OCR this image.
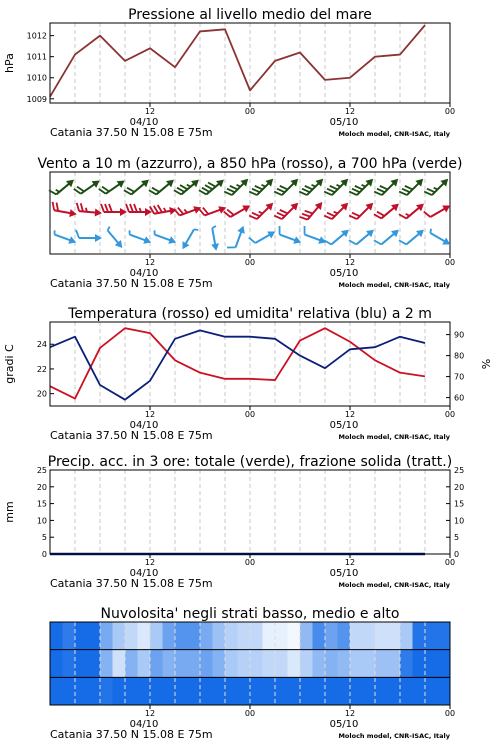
Pressione al livello medio del mare
1009
1010
1011
1012
hPa
12	00	12	00
04/10	05/10
Catania 37.50 N 15.08 E 75m	Moloch model, CNR-ISAC, Italy
Vento a 10 m (azzurro), a 850 hPa (rosso), a 700 hPa (verde)
12	00	12	00
04/10	05/10
Catania 37.50 N 15.08 E 75m	Moloch model, CNR-ISAC, Italy
Temperatura (rosso) ed umidita' relativa (blu) a 2 m
20
22
24
60
70
80
90
gradi C	%
12	00	12	00
04/10	05/10
Catania 37.50 N 15.08 E 75m	Moloch model, CNR-ISAC, Italy
Precip. acc. in 3 ore: totale (verde), frazione solida (tratt.)
0
5
10
15
20
25
0
5
10
15
20
25
mm
12	00	12	00
04/10	05/10
Catania 37.50 N 15.08 E 75m	Moloch model, CNR-ISAC, Italy
Nuvolosita' negli strati basso, medio e alto
12	00	12	00
04/10	05/10
Catania 37.50 N 15.08 E 75m	Moloch model, CNR-ISAC, Italy
